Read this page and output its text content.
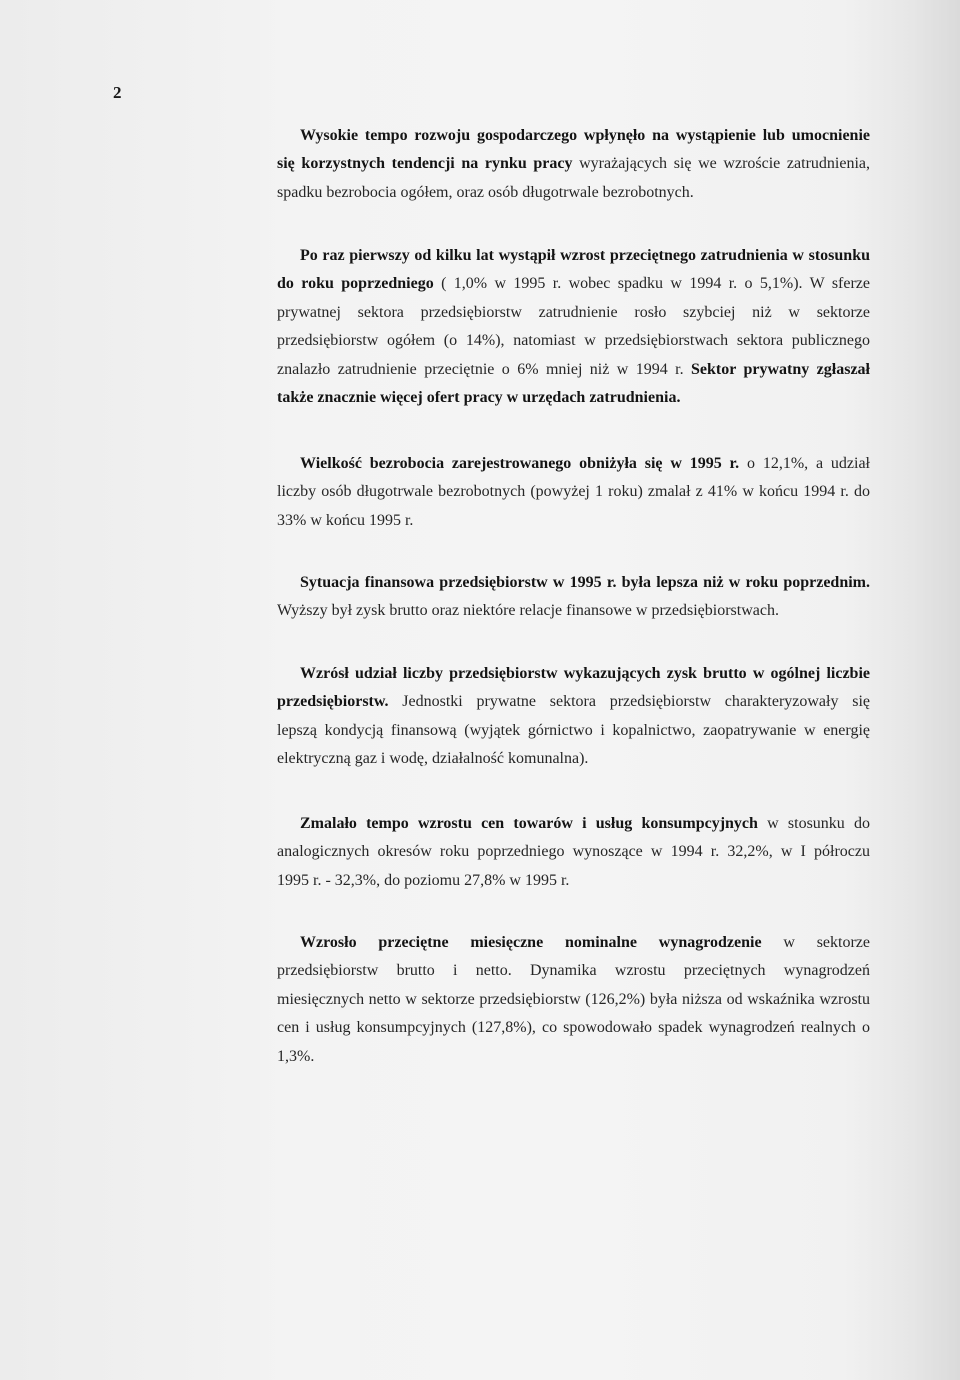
2
Wysokie tempo rozwoju gospodarczego wpłynęło na wystąpienie lub umocnienie
się korzystnych tendencji na rynku pracy wyrażających się we wzroście zatrudnienia,
spadku bezrobocia ogółem, oraz osób długotrwale bezrobotnych.
Po raz pierwszy od kilku lat wystąpił wzrost przeciętnego zatrudnienia w stosunku
do roku poprzedniego ( 1,0% w 1995 r. wobec spadku w 1994 r. o 5,1%). W sferze
prywatnej sektora przedsiębiorstw zatrudnienie rosło szybciej niż w sektorze
przedsiębiorstw ogółem (o 14%), natomiast w przedsiębiorstwach sektora publicznego
znalazło zatrudnienie przeciętnie o 6% mniej niż w 1994 r. Sektor prywatny zgłaszał
także znacznie więcej ofert pracy w urzędach zatrudnienia.
Wielkość bezrobocia zarejestrowanego obniżyła się w 1995 r. o 12,1%, a udział
liczby osób długotrwale bezrobotnych (powyżej 1 roku) zmalał z 41% w końcu 1994 r. do
33% w końcu 1995 r.
Sytuacja finansowa przedsiębiorstw w 1995 r. była lepsza niż w roku poprzednim.
Wyższy był zysk brutto oraz niektóre relacje finansowe w przedsiębiorstwach.
Wzrósł udział liczby przedsiębiorstw wykazujących zysk brutto w ogólnej liczbie
przedsiębiorstw. Jednostki prywatne sektora przedsiębiorstw charakteryzowały się
lepszą kondycją finansową (wyjątek górnictwo i kopalnictwo, zaopatrywanie w energię
elektryczną gaz i wodę, działalność komunalna).
Zmalało tempo wzrostu cen towarów i usług konsumpcyjnych w stosunku do
analogicznych okresów roku poprzedniego wynoszące w 1994 r. 32,2%, w I półroczu
1995 r. - 32,3%, do poziomu 27,8% w 1995 r.
Wzrosło przeciętne miesięczne nominalne wynagrodzenie w sektorze
przedsiębiorstw brutto i netto. Dynamika wzrostu przeciętnych wynagrodzeń
miesięcznych netto w sektorze przedsiębiorstw (126,2%) była niższa od wskaźnika wzrostu
cen i usług konsumpcyjnych (127,8%), co spowodowało spadek wynagrodzeń realnych o
1,3%.
